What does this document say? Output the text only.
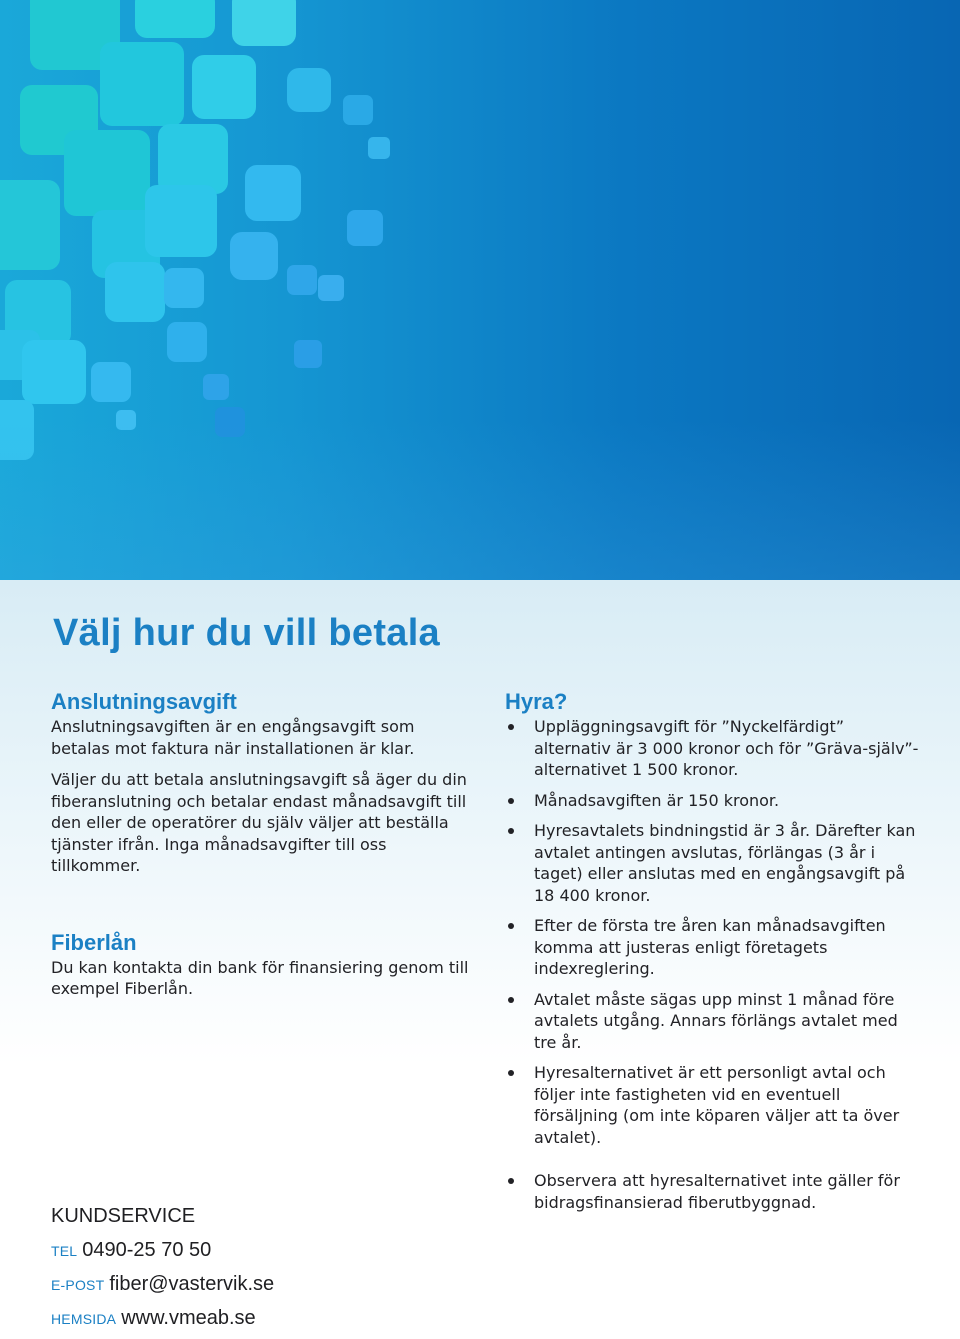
Välj hur du vill betala
Anslutningsavgift

Anslutningsavgiften är en engångsavgift som betalas mot faktura när installationen är klar.

Väljer du att betala anslutningsavgift så äger du din fiberanslutning och betalar endast månadsavgift till den eller de operatörer du själv väljer att beställa tjänster ifrån. Inga månadsavgifter till oss tillkommer.

Fiberlån

Du kan kontakta din bank för finansiering genom till exempel Fiberlån.

Hyra?
Uppläggningsavgift för ”Nyckelfärdigt” alternativ är 3 000 kronor och för ”Gräva-själv”-alternativet 1 500 kronor.
Månadsavgiften är 150 kronor.
Hyresavtalets bindningstid är 3 år. Därefter kan avtalet antingen avslutas, förlängas (3 år i taget) eller anslutas med en engångsavgift på 18 400 kronor.
Efter de första tre åren kan månadsavgiften komma att justeras enligt företagets indexreglering.
Avtalet måste sägas upp minst 1 månad före avtalets utgång. Annars förlängs avtalet med tre år.
Hyresalternativet är ett personligt avtal och följer inte fastigheten vid en eventuell försäljning (om inte köparen väljer att ta över avtalet).
Observera att hyresalternativet inte gäller för bidragsfinansierad fiberutbyggnad.
KUNDSERVICE
TEL 0490-25 70 50
E-POST fiber@vastervik.se
HEMSIDA www.vmeab.se
